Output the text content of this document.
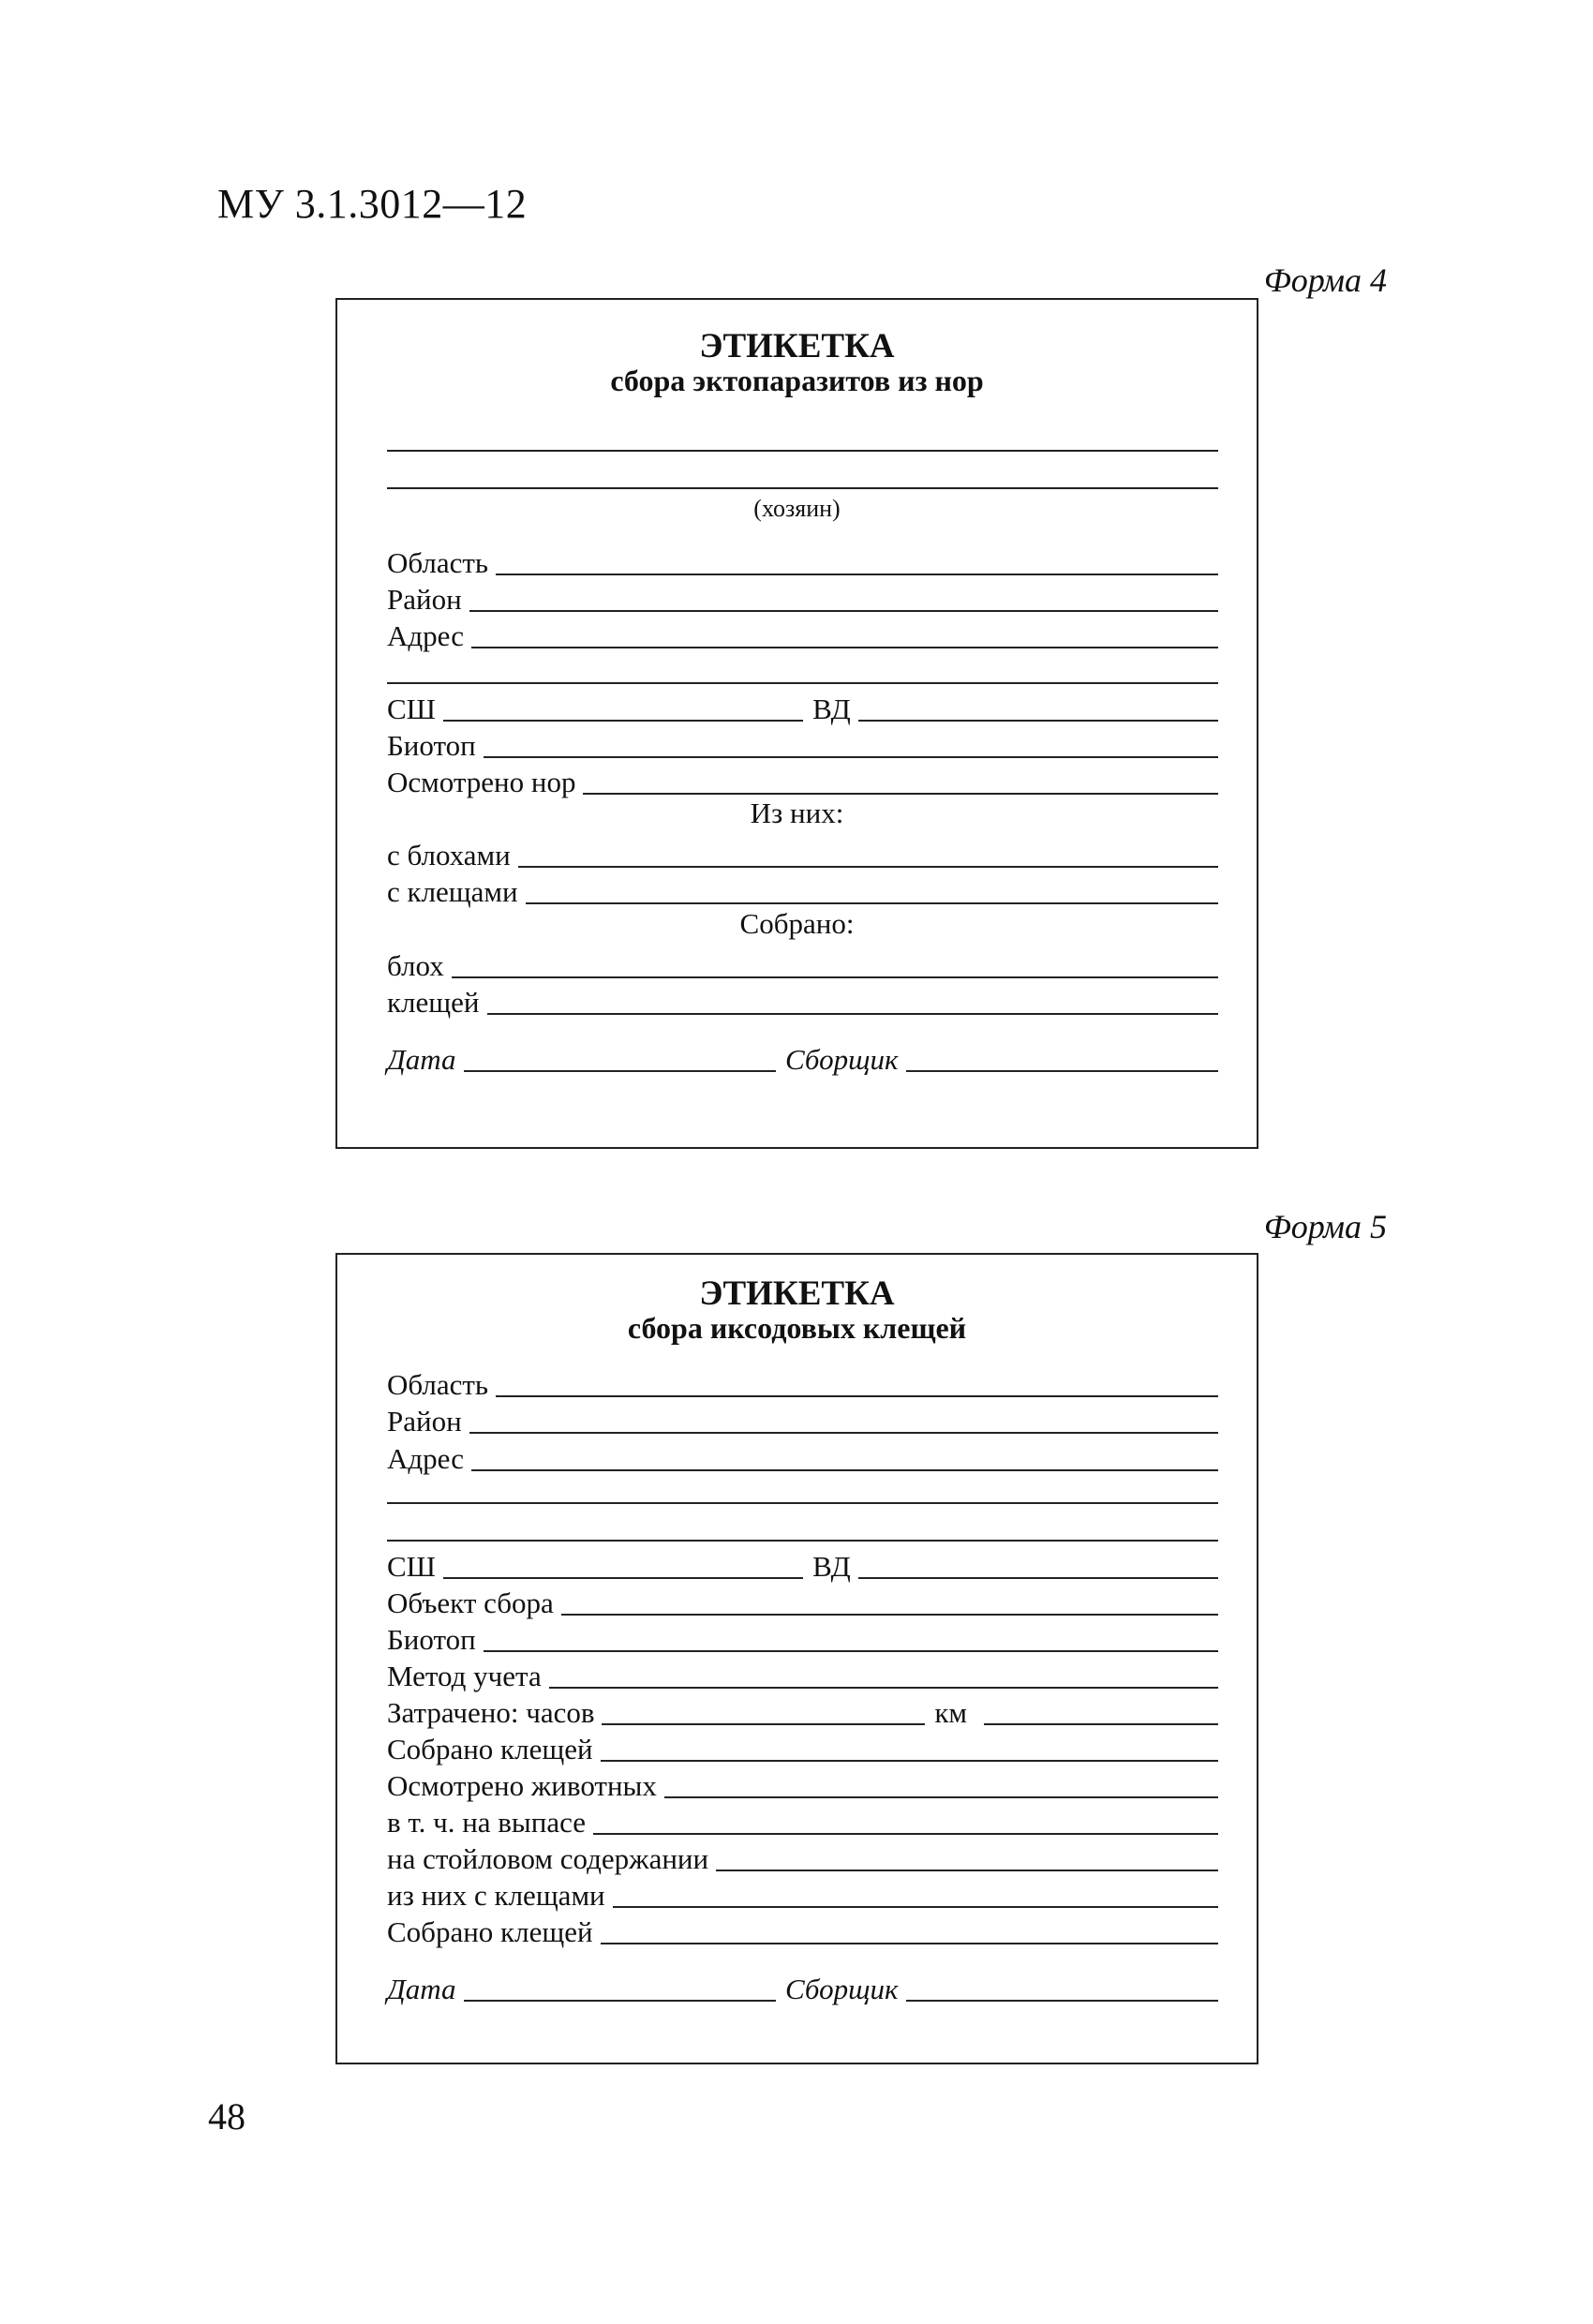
МУ 3.1.3012—12
Форма 4
ЭТИКЕТКА
сбора эктопаразитов из нор
(хозяин)
Область
Район
Адрес
СШ	ВД
Биотоп
Осмотрено нор
Из них:
с блохами
с клещами
Собрано:
блох
клещей
Дата	Сборщик
Форма 5
ЭТИКЕТКА
сбора иксодовых клещей
Область
Район
Адрес
СШ	ВД
Объект сбора
Биотоп
Метод учета
Затрачено: часов	км
Собрано клещей
Осмотрено животных
в т. ч. на выпасе
на стойловом содержании
из них с клещами
Собрано клещей
Дата	Сборщик
48
